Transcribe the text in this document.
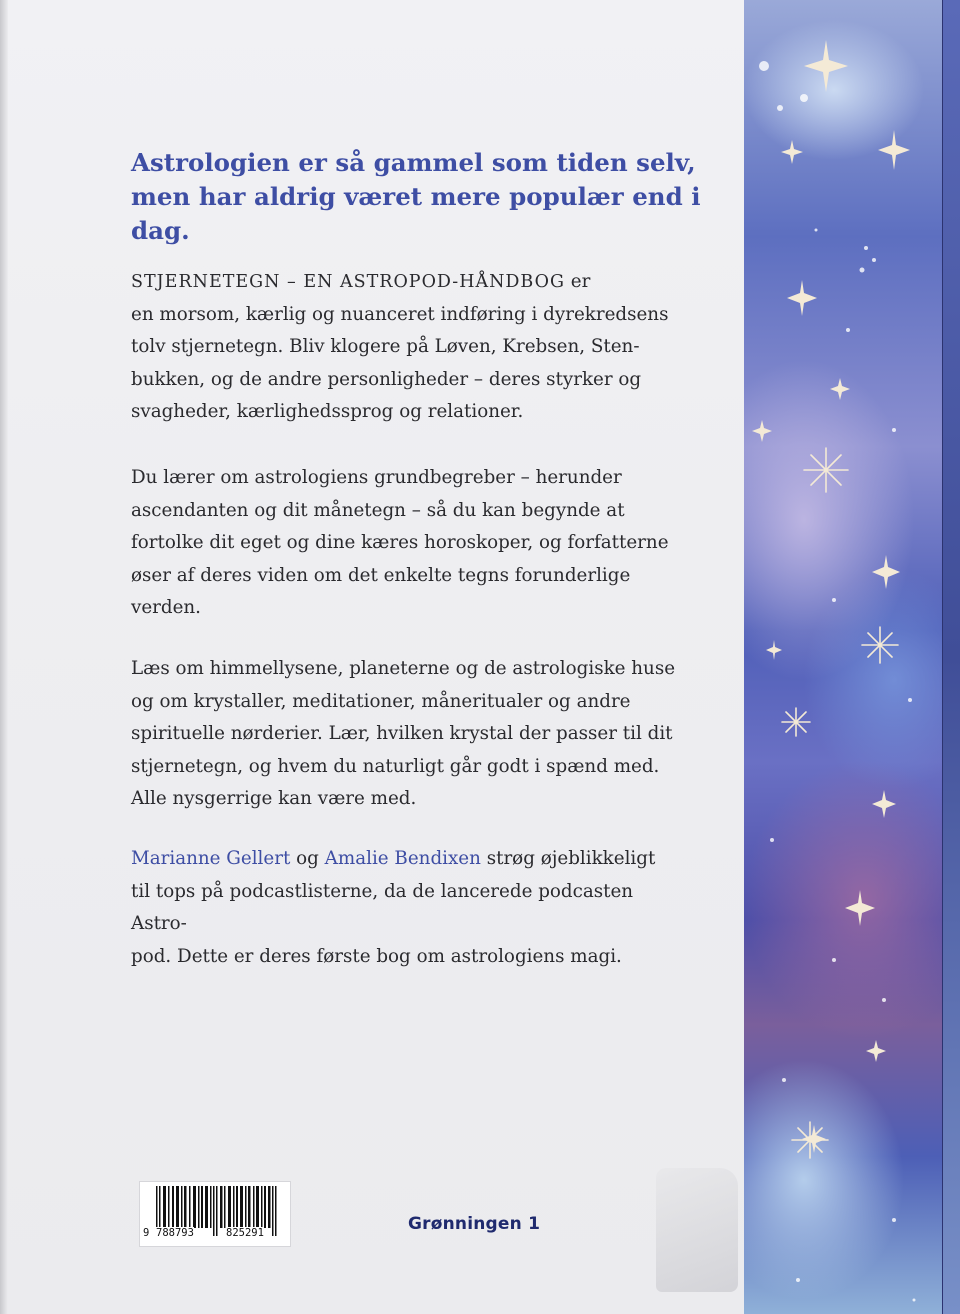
Astrologien er så gammel som tiden selv,
men har aldrig været mere populær end i dag.

STJERNETEGN – EN ASTROPOD-HÅNDBOG er
en morsom, kærlig og nuanceret indføring i dyrekredsens
tolv stjernetegn. Bliv klogere på Løven, Krebsen, Sten-
bukken, og de andre personligheder – deres styrker og
svagheder, kærlighedssprog og relationer.

Du lærer om astrologiens grundbegreber – herunder
ascendanten og dit månetegn – så du kan begynde at
fortolke dit eget og dine kæres horoskoper, og forfatterne
øser af deres viden om det enkelte tegns forunderlige
verden.

Læs om himmellysene, planeterne og de astrologiske huse
og om krystaller, meditationer, måneritualer og andre
spirituelle nørderier. Lær, hvilken krystal der passer til dit
stjernetegn, og hvem du naturligt går godt i spænd med.
Alle nysgerrige kan være med.

Marianne Gellert og Amalie Bendixen strøg øjeblikkeligt
til tops på podcastlisterne, da de lancerede podcasten Astro-
pod. Dette er deres første bog om astrologiens magi.

9 788793	825291	Grønningen 1
